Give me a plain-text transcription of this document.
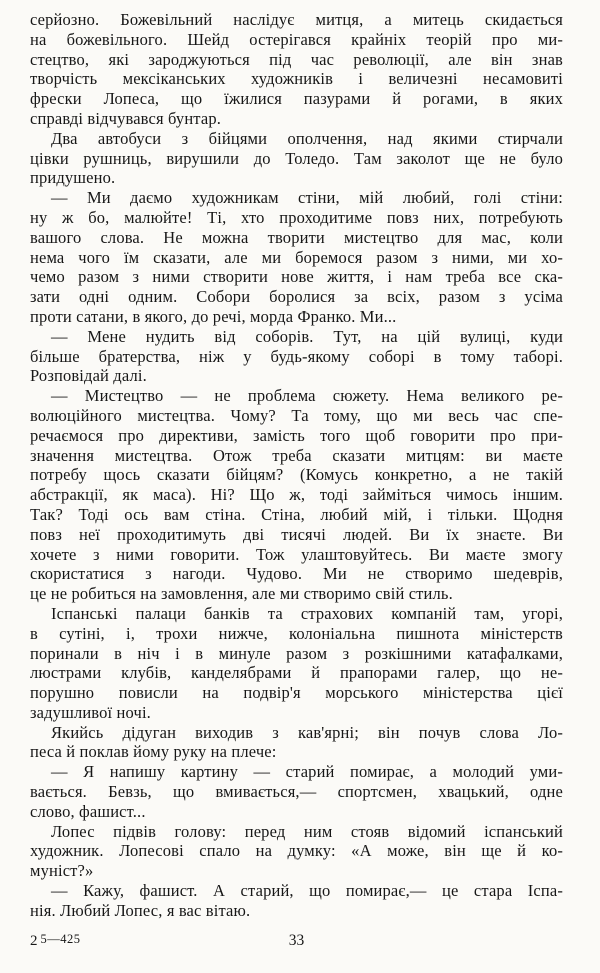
серйозно. Божевільний наслідує митця, а митець скидається
на божевільного. Шейд остерігався крайніх теорій про ми-
стецтво, які зароджуються під час революції, але він знав
творчість мексіканських художників і величезні несамовиті
фрески Лопеса, що їжилися пазурами й рогами, в яких
справді відчувався бунтар.
Два автобуси з бійцями ополчення, над якими стирчали
цівки рушниць, вирушили до Толедо. Там заколот ще не було
придушено.
— Ми даємо художникам стіни, мій любий, голі стіни:
ну ж бо, малюйте! Ті, хто проходитиме повз них, потребують
вашого слова. Не можна творити мистецтво для мас, коли
нема чого їм сказати, але ми боремося разом з ними, ми хо-
чемо разом з ними створити нове життя, і нам треба все ска-
зати одні одним. Собори боролися за всіх, разом з усіма
проти сатани, в якого, до речі, морда Франко. Ми...
— Мене нудить від соборів. Тут, на цій вулиці, куди
більше братерства, ніж у будь-якому соборі в тому таборі.
Розповідай далі.
— Мистецтво — не проблема сюжету. Нема великого ре-
волюційного мистецтва. Чому? Та тому, що ми весь час спе-
речаємося про директиви, замість того щоб говорити про при-
значення мистецтва. Отож треба сказати митцям: ви маєте
потребу щось сказати бійцям? (Комусь конкретно, а не такій
абстракції, як маса). Ні? Що ж, тоді займіться чимось іншим.
Так? Тоді ось вам стіна. Стіна, любий мій, і тільки. Щодня
повз неї проходитимуть дві тисячі людей. Ви їх знаєте. Ви
хочете з ними говорити. Тож улаштовуйтесь. Ви маєте змогу
скористатися з нагоди. Чудово. Ми не створимо шедеврів,
це не робиться на замовлення, але ми створимо свій стиль.
Іспанські палаци банків та страхових компаній там, угорі,
в сутіні, і, трохи нижче, колоніальна пишнота міністерств
поринали в ніч і в минуле разом з розкішними катафалками,
люстрами клубів, канделябрами й прапорами галер, що не-
порушно повисли на подвір'я морського міністерства цієї
задушливої ночі.
Якийсь дідуган виходив з кав'ярні; він почув слова Ло-
песа й поклав йому руку на плече:
— Я напишу картину — старий помирає, а молодий уми-
вається. Бевзь, що вмивається,— спортсмен, хвацький, одне
слово, фашист...
Лопес підвів голову: перед ним стояв відомий іспанський
художник. Лопесові спало на думку: «А може, він ще й ко-
муніст?»
— Кажу, фашист. А старий, що помирає,— це стара Іспа-
нія. Любий Лопес, я вас вітаю.
33
2 5—425
